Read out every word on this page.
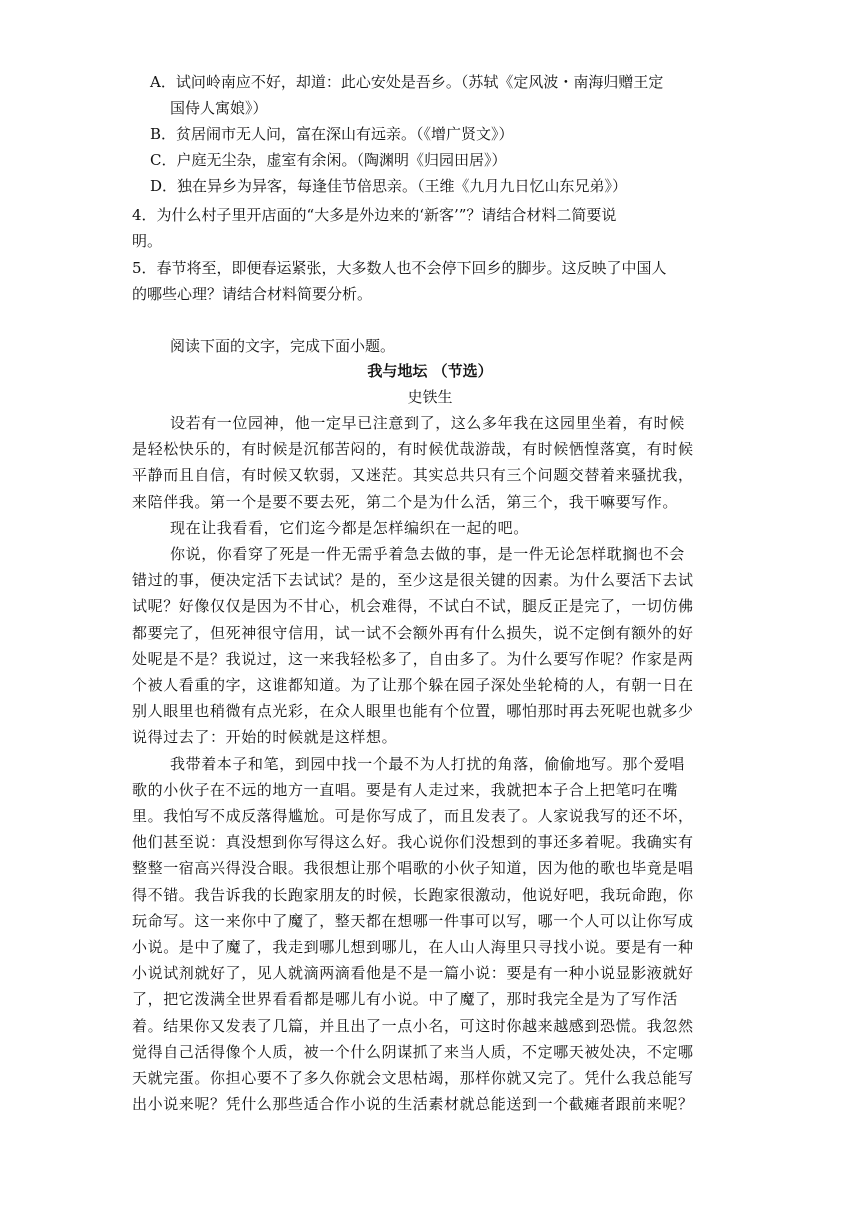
A．试问岭南应不好，却道：此心安处是吾乡。（苏轼《定风波・南海归赠王定
国侍人寓娘》）
B．贫居闹市无人问，富在深山有远亲。（《增广贤文》）
C．户庭无尘杂，虚室有余闲。（陶渊明《归园田居》）
D．独在异乡为异客，每逢佳节倍思亲。（王维《九月九日忆山东兄弟》）
4．为什么村子里开店面的“大多是外边来的‘新客’”？请结合材料二简要说
明。
5．春节将至，即便春运紧张，大多数人也不会停下回乡的脚步。这反映了中国人
的哪些心理？请结合材料简要分析。
阅读下面的文字，完成下面小题。
我与地坛 （节选）
史铁生
设若有一位园神，他一定早已注意到了，这么多年我在这园里坐着，有时候
是轻松快乐的，有时候是沉郁苦闷的，有时候优哉游哉，有时候恓惶落寞，有时候
平静而且自信，有时候又软弱，又迷茫。其实总共只有三个问题交替着来骚扰我，
来陪伴我。第一个是要不要去死，第二个是为什么活，第三个，我干嘛要写作。
现在让我看看，它们迄今都是怎样编织在一起的吧。
你说，你看穿了死是一件无需乎着急去做的事，是一件无论怎样耽搁也不会
错过的事，便决定活下去试试？是的，至少这是很关键的因素。为什么要活下去试
试呢？好像仅仅是因为不甘心，机会难得，不试白不试，腿反正是完了，一切仿佛
都要完了，但死神很守信用，试一试不会额外再有什么损失，说不定倒有额外的好
处呢是不是？我说过，这一来我轻松多了，自由多了。为什么要写作呢？作家是两
个被人看重的字，这谁都知道。为了让那个躲在园子深处坐轮椅的人，有朝一日在
别人眼里也稍微有点光彩，在众人眼里也能有个位置，哪怕那时再去死呢也就多少
说得过去了：开始的时候就是这样想。
我带着本子和笔，到园中找一个最不为人打扰的角落，偷偷地写。那个爱唱
歌的小伙子在不远的地方一直唱。要是有人走过来，我就把本子合上把笔叼在嘴
里。我怕写不成反落得尴尬。可是你写成了，而且发表了。人家说我写的还不坏，
他们甚至说：真没想到你写得这么好。我心说你们没想到的事还多着呢。我确实有
整整一宿高兴得没合眼。我很想让那个唱歌的小伙子知道，因为他的歌也毕竟是唱
得不错。我告诉我的长跑家朋友的时候，长跑家很激动，他说好吧，我玩命跑，你
玩命写。这一来你中了魔了，整天都在想哪一件事可以写，哪一个人可以让你写成
小说。是中了魔了，我走到哪儿想到哪儿，在人山人海里只寻找小说。要是有一种
小说试剂就好了，见人就滴两滴看他是不是一篇小说：要是有一种小说显影液就好
了，把它泼满全世界看看都是哪儿有小说。中了魔了，那时我完全是为了写作活
着。结果你又发表了几篇，并且出了一点小名，可这时你越来越感到恐慌。我忽然
觉得自己活得像个人质，被一个什么阴谋抓了来当人质，不定哪天被处决，不定哪
天就完蛋。你担心要不了多久你就会文思枯竭，那样你就又完了。凭什么我总能写
出小说来呢？凭什么那些适合作小说的生活素材就总能送到一个截瘫者跟前来呢？
